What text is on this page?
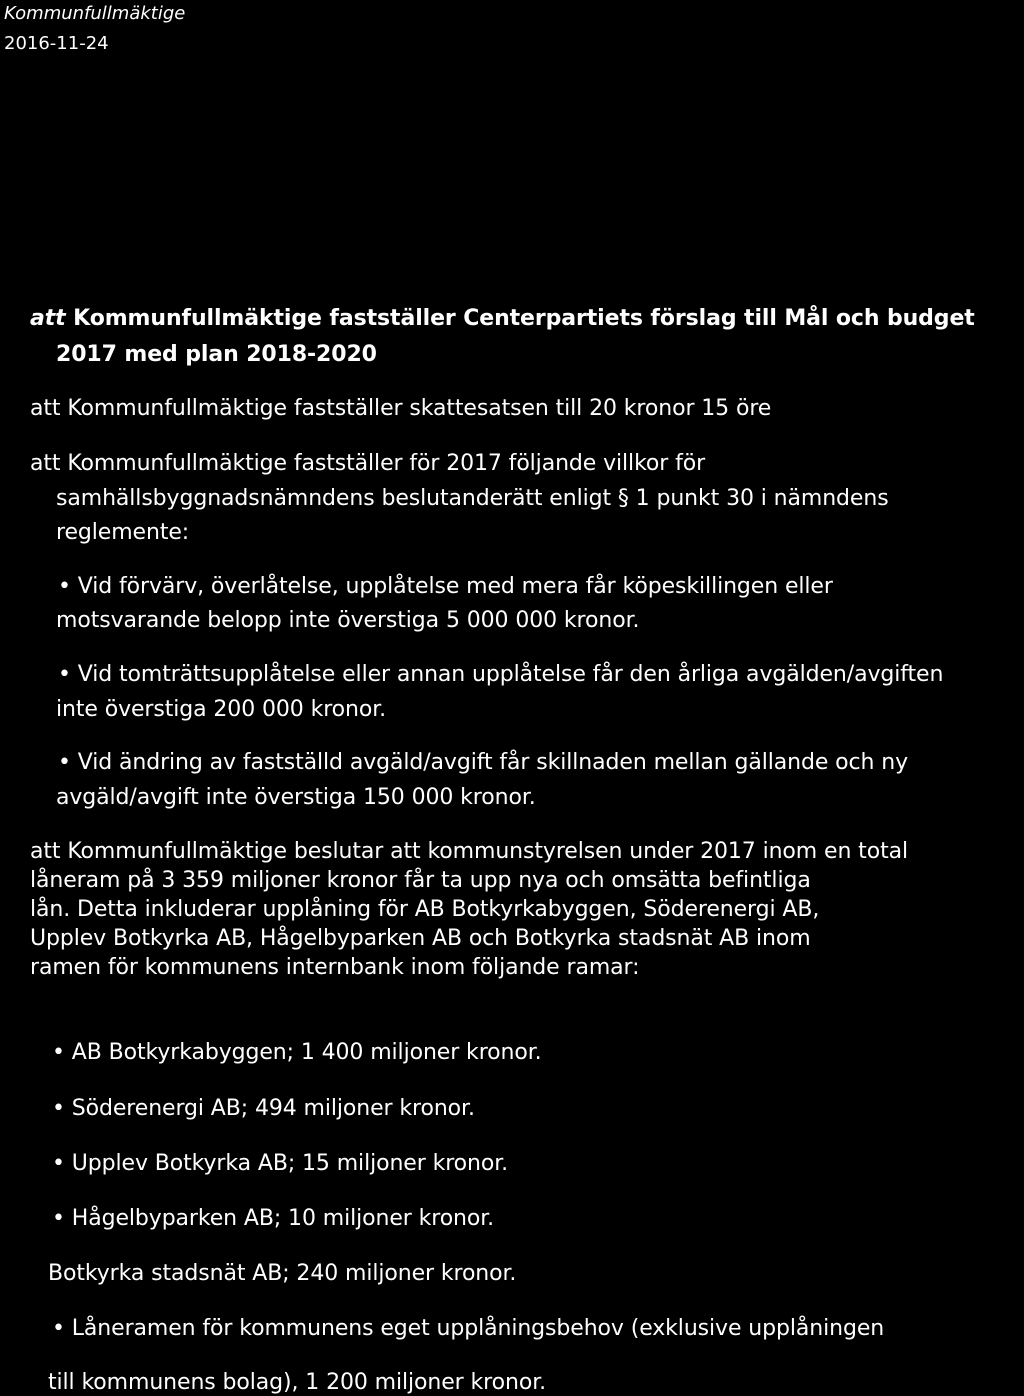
Kommunfullmäktige
2016-11-24
att Kommunfullmäktige fastställer Centerpartiets förslag till Mål och budget
2017 med plan 2018-2020
att Kommunfullmäktige fastställer skattesatsen till 20 kronor 15 öre
att Kommunfullmäktige fastställer för 2017 följande villkor för
samhällsbyggnadsnämndens beslutanderätt enligt § 1 punkt 30 i nämndens
reglemente:
• Vid förvärv, överlåtelse, upplåtelse med mera får köpeskillingen eller
motsvarande belopp inte överstiga 5 000 000 kronor.
• Vid tomträttsupplåtelse eller annan upplåtelse får den årliga avgälden/avgiften
inte överstiga 200 000 kronor.
• Vid ändring av fastställd avgäld/avgift får skillnaden mellan gällande och ny
avgäld/avgift inte överstiga 150 000 kronor.
att Kommunfullmäktige beslutar att kommunstyrelsen under 2017 inom en total
låneram på 3 359 miljoner kronor får ta upp nya och omsätta befintliga
lån. Detta inkluderar upplåning för AB Botkyrkabyggen, Söderenergi AB,
Upplev Botkyrka AB, Hågelbyparken AB och Botkyrka stadsnät AB inom
ramen för kommunens internbank inom följande ramar:
• AB Botkyrkabyggen; 1 400 miljoner kronor.
• Söderenergi AB; 494 miljoner kronor.
• Upplev Botkyrka AB; 15 miljoner kronor.
• Hågelbyparken AB; 10 miljoner kronor.
Botkyrka stadsnät AB; 240 miljoner kronor.
• Låneramen för kommunens eget upplåningsbehov (exklusive upplåningen
till kommunens bolag), 1 200 miljoner kronor.
